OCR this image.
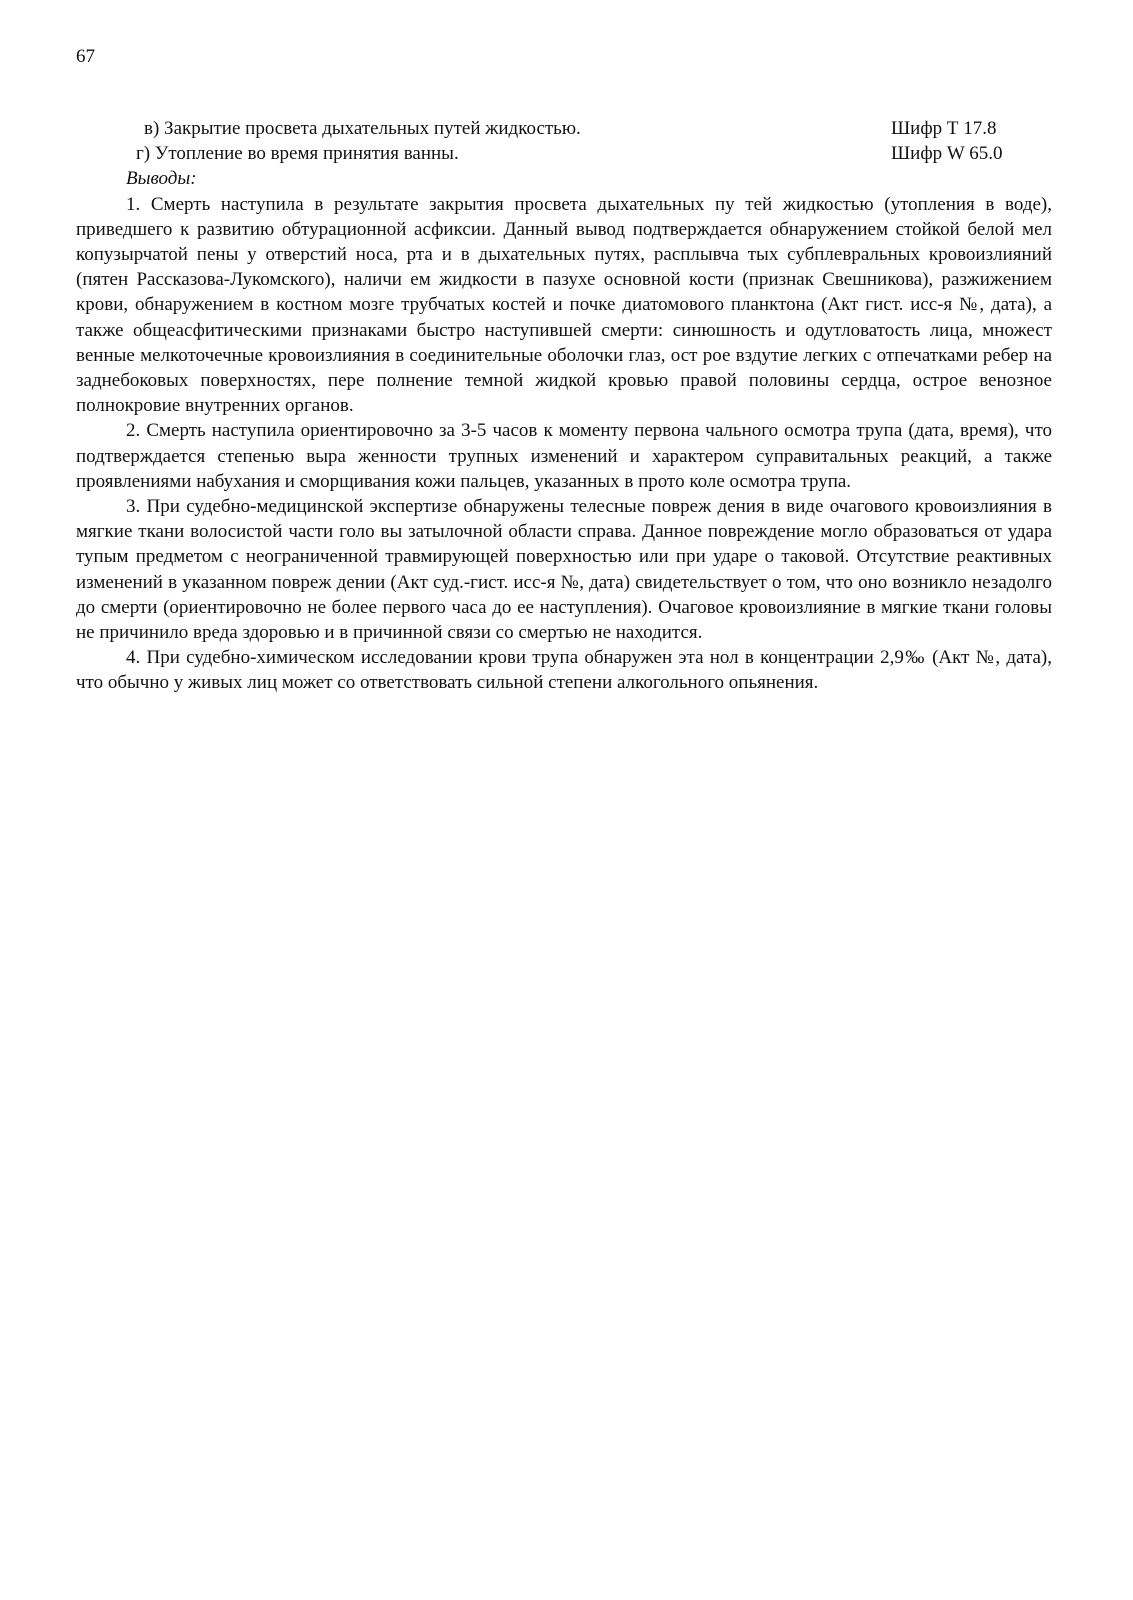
67
в) Закрытие просвета дыхательных путей жидкостью.	Шифр Т 17.8
г) Утопление во время принятия ванны.	Шифр W 65.0
Выводы:

1. Смерть наступила в результате закрытия просвета дыхательных пу тей жидкостью (утопления в воде), приведшего к развитию обтурационной асфиксии. Данный вывод подтверждается обнаружением стойкой белой мел копузырчатой пены у отверстий носа, рта и в дыхательных путях, расплывча тых субплевральных кровоизлияний (пятен Рассказова-Лукомского), наличи ем жидкости в пазухе основной кости (признак Свешникова), разжижением крови, обнаружением в костном мозге трубчатых костей и почке диатомового планктона (Акт гист. исс-я №, дата), а также общеасфитическими признаками быстро наступившей смерти: синюшность и одутловатость лица, множест венные мелкоточечные кровоизлияния в соединительные оболочки глаз, ост рое вздутие легких с отпечатками ребер на заднебоковых поверхностях, пере полнение темной жидкой кровью правой половины сердца, острое венозное полнокровие внутренних органов.

2. Смерть наступила ориентировочно за 3-5 часов к моменту первона чального осмотра трупа (дата, время), что подтверждается степенью выра женности трупных изменений и характером суправитальных реакций, а также проявлениями набухания и сморщивания кожи пальцев, указанных в прото коле осмотра трупа.

3. При судебно-медицинской экспертизе обнаружены телесные повреж дения в виде очагового кровоизлияния в мягкие ткани волосистой части голо вы затылочной области справа. Данное повреждение могло образоваться от удара тупым предметом с неограниченной травмирующей поверхностью или при ударе о таковой. Отсутствие реактивных изменений в указанном повреж дении (Акт суд.-гист. исс-я №, дата) свидетельствует о том, что оно возникло незадолго до смерти (ориентировочно не более первого часа до ее наступления). Очаговое кровоизлияние в мягкие ткани головы не причинило вреда здоровью и в причинной связи со смертью не находится.

4. При судебно-химическом исследовании крови трупа обнаружен эта нол в концентрации 2,9‰ (Акт №, дата), что обычно у живых лиц может со ответствовать сильной степени алкогольного опьянения.
